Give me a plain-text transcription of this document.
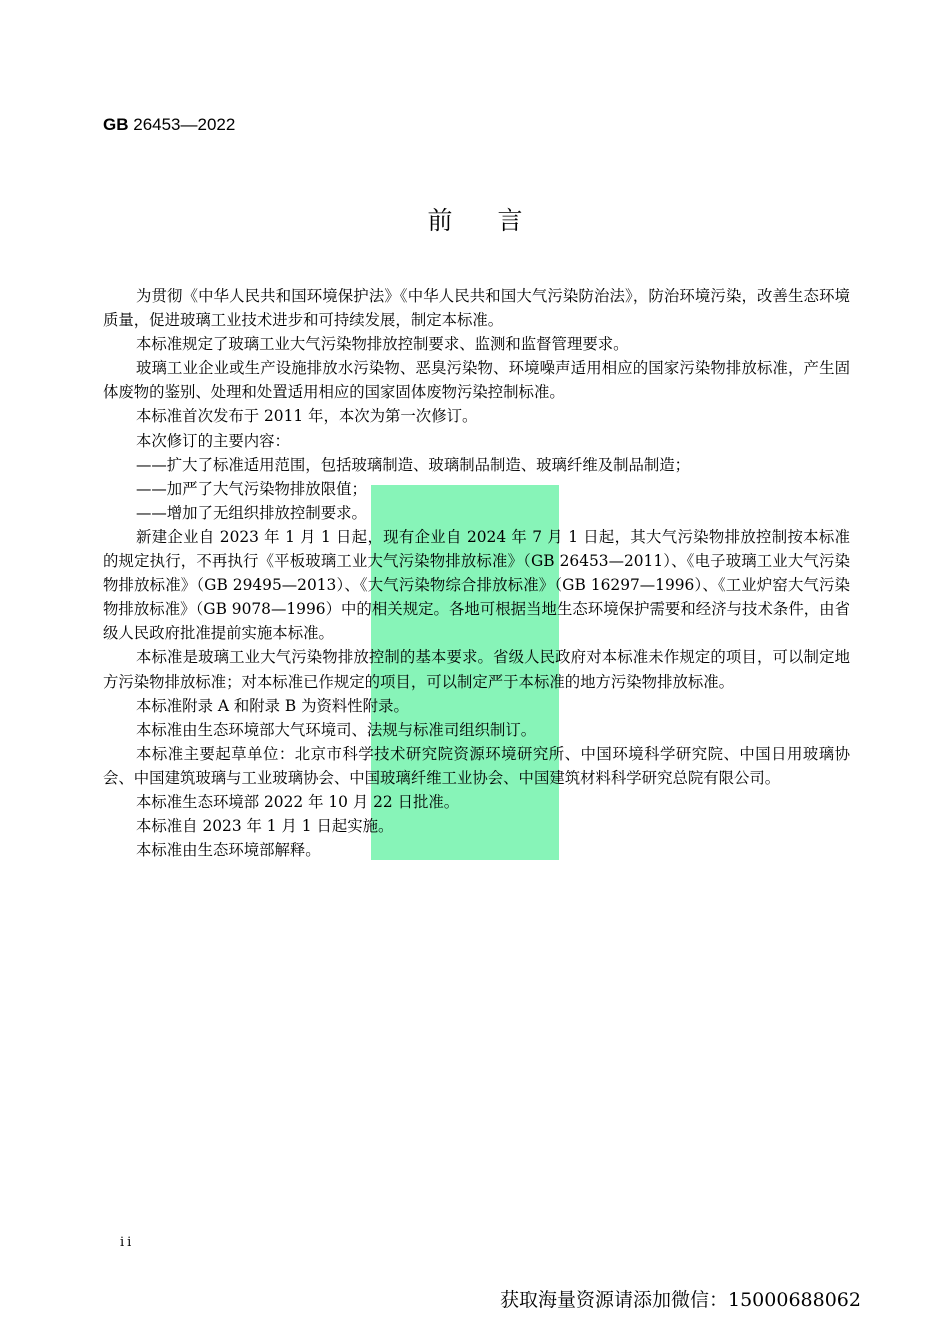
GB 26453—2022
前言

为贯彻《中华人民共和国环境保护法》《中华人民共和国大气污染防治法》，防治环境污染，改善生态环境质量，促进玻璃工业技术进步和可持续发展，制定本标准。

本标准规定了玻璃工业大气污染物排放控制要求、监测和监督管理要求。

玻璃工业企业或生产设施排放水污染物、恶臭污染物、环境噪声适用相应的国家污染物排放标准，产生固体废物的鉴别、处理和处置适用相应的国家固体废物污染控制标准。

本标准首次发布于 2011 年，本次为第一次修订。

本次修订的主要内容：

——扩大了标准适用范围，包括玻璃制造、玻璃制品制造、玻璃纤维及制品制造；

——加严了大气污染物排放限值；

——增加了无组织排放控制要求。

新建企业自 2023 年 1 月 1 日起，现有企业自 2024 年 7 月 1 日起，其大气污染物排放控制按本标准的规定执行，不再执行《平板玻璃工业大气污染物排放标准》（GB 26453—2011）、《电子玻璃工业大气污染物排放标准》（GB 29495—2013）、《大气污染物综合排放标准》（GB 16297—1996）、《工业炉窑大气污染物排放标准》（GB 9078—1996）中的相关规定。各地可根据当地生态环境保护需要和经济与技术条件，由省级人民政府批准提前实施本标准。

本标准是玻璃工业大气污染物排放控制的基本要求。省级人民政府对本标准未作规定的项目，可以制定地方污染物排放标准；对本标准已作规定的项目，可以制定严于本标准的地方污染物排放标准。

本标准附录 A 和附录 B 为资料性附录。

本标准由生态环境部大气环境司、法规与标准司组织制订。

本标准主要起草单位：北京市科学技术研究院资源环境研究所、中国环境科学研究院、中国日用玻璃协会、中国建筑玻璃与工业玻璃协会、中国玻璃纤维工业协会、中国建筑材料科学研究总院有限公司。

本标准生态环境部 2022 年 10 月 22 日批准。

本标准自 2023 年 1 月 1 日起实施。

本标准由生态环境部解释。

ii
获取海量资源请添加微信：15000688062
